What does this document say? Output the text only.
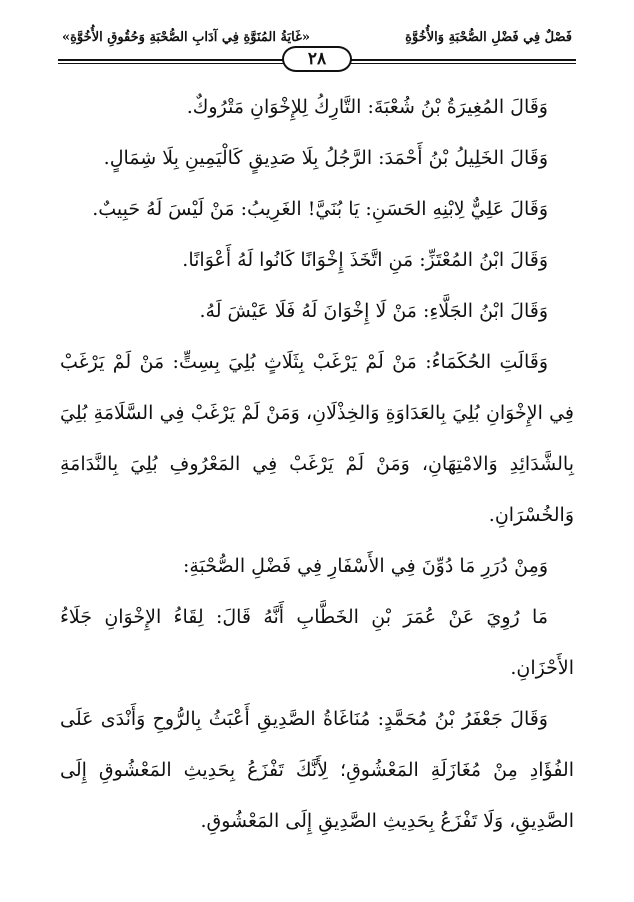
فَصْلٌ فِي فَضْلِ الصُّحْبَةِ وَالأُخُوَّةِ
«غَايَةُ المُنَوَّةِ فِي آدَابِ الصُّحْبَةِ وَحُقُوقِ الأُخُوَّةِ»
٢٨

وَقَالَ المُغِيرَةُ بْنُ شُعْبَةَ: التَّارِكُ لِلإِخْوَانِ مَتْرُوكٌ.

وَقَالَ الخَلِيلُ بْنُ أَحْمَدَ: الرَّجُلُ بِلَا صَدِيقٍ كَالْيَمِينِ بِلَا شِمَالٍ.

وَقَالَ عَلِيٌّ لِابْنِهِ الحَسَنِ: يَا بُنَيَّ! الغَرِيبُ: مَنْ لَيْسَ لَهُ حَبِيبٌ.

وَقَالَ ابْنُ المُعْتَزِّ: مَنِ اتَّخَذَ إِخْوَانًا كَانُوا لَهُ أَعْوَانًا.

وَقَالَ ابْنُ الجَلَّاءِ: مَنْ لَا إِخْوَانَ لَهُ فَلَا عَيْشَ لَهُ.

وَقَالَتِ الحُكَمَاءُ: مَنْ لَمْ يَرْغَبْ بِثَلَاثٍ بُلِيَ بِسِتٍّ: مَنْ لَمْ يَرْغَبْ فِي الإِخْوَانِ بُلِيَ بِالعَدَاوَةِ وَالخِذْلَانِ، وَمَنْ لَمْ يَرْغَبْ فِي السَّلَامَةِ بُلِيَ بِالشَّدَائِدِ وَالامْتِهَانِ، وَمَنْ لَمْ يَرْغَبْ فِي المَعْرُوفِ بُلِيَ بِالنَّدَامَةِ وَالخُسْرَانِ.

وَمِنْ دُرَرِ مَا دُوِّنَ فِي الأَسْفَارِ فِي فَضْلِ الصُّحْبَةِ:

مَا رُوِيَ عَنْ عُمَرَ بْنِ الخَطَّابِ أَنَّهُ قَالَ: لِقَاءُ الإِخْوَانِ جَلَاءُ الأَحْزَانِ.

وَقَالَ جَعْفَرُ بْنُ مُحَمَّدٍ: مُنَاغَاةُ الصَّدِيقِ أَعْبَثُ بِالرُّوحِ وَأَنْدَى عَلَى الفُؤَادِ مِنْ مُغَازَلَةِ المَعْشُوقِ؛ لِأَنَّكَ تَفْزَعُ بِحَدِيثِ المَعْشُوقِ إِلَى الصَّدِيقِ، وَلَا تَفْزَعُ بِحَدِيثِ الصَّدِيقِ إِلَى المَعْشُوقِ.
